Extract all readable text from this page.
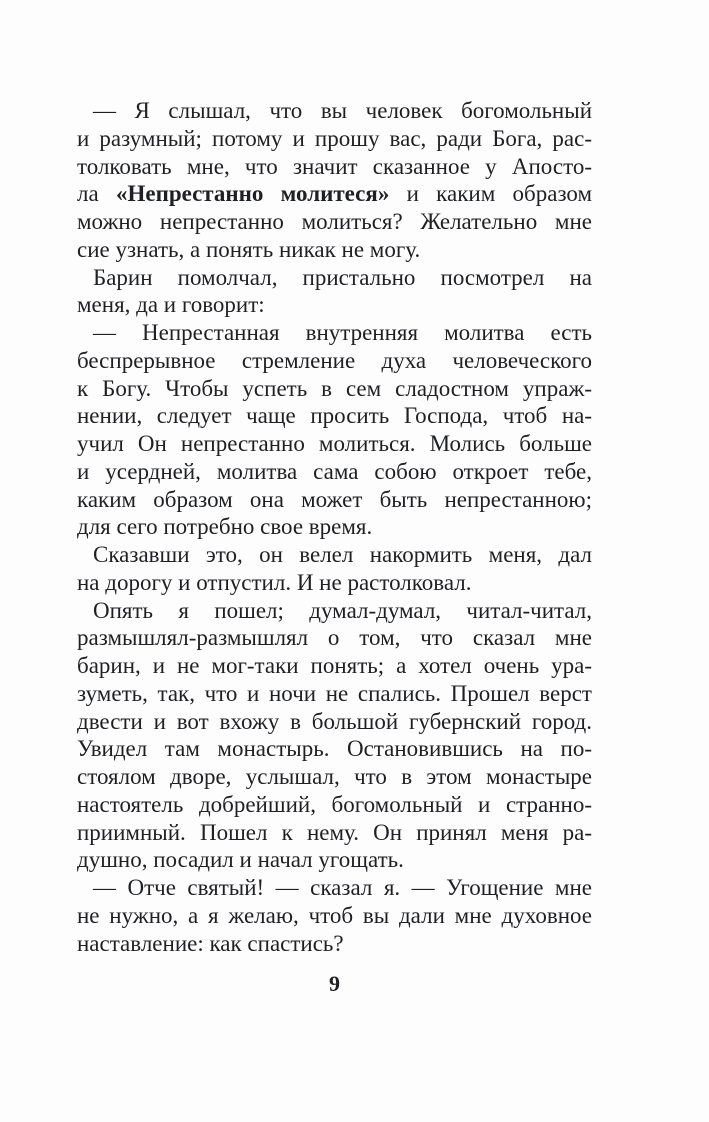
— Я слышал, что вы человек богомольный
и разумный; потому и прошу вас, ради Бога, рас-
толковать мне, что значит сказанное у Апосто-
ла «Непрестанно молитеся» и каким образом
можно непрестанно молиться? Желательно мне
сие узнать, а понять никак не могу.

Барин помолчал, пристально посмотрел на
меня, да и говорит:

— Непрестанная внутренняя молитва есть
беспрерывное стремление духа человеческого
к Богу. Чтобы успеть в сем сладостном упраж-
нении, следует чаще просить Господа, чтоб на-
учил Он непрестанно молиться. Молись больше
и усердней, молитва сама собою откроет тебе,
каким образом она может быть непрестанною;
для сего потребно свое время.

Сказавши это, он велел накормить меня, дал
на дорогу и отпустил. И не растолковал.

Опять я пошел; думал-думал, читал-читал,
размышлял-размышлял о том, что сказал мне
барин, и не мог-таки понять; а хотел очень ура-
зуметь, так, что и ночи не спались. Прошел верст
двести и вот вхожу в большой губернский город.
Увидел там монастырь. Остановившись на по-
стоялом дворе, услышал, что в этом монастыре
настоятель добрейший, богомольный и странно-
приимный. Пошел к нему. Он принял меня ра-
душно, посадил и начал угощать.

— Отче святый! — сказал я. — Угощение мне
не нужно, а я желаю, чтоб вы дали мне духовное
наставление: как спастись?

9
